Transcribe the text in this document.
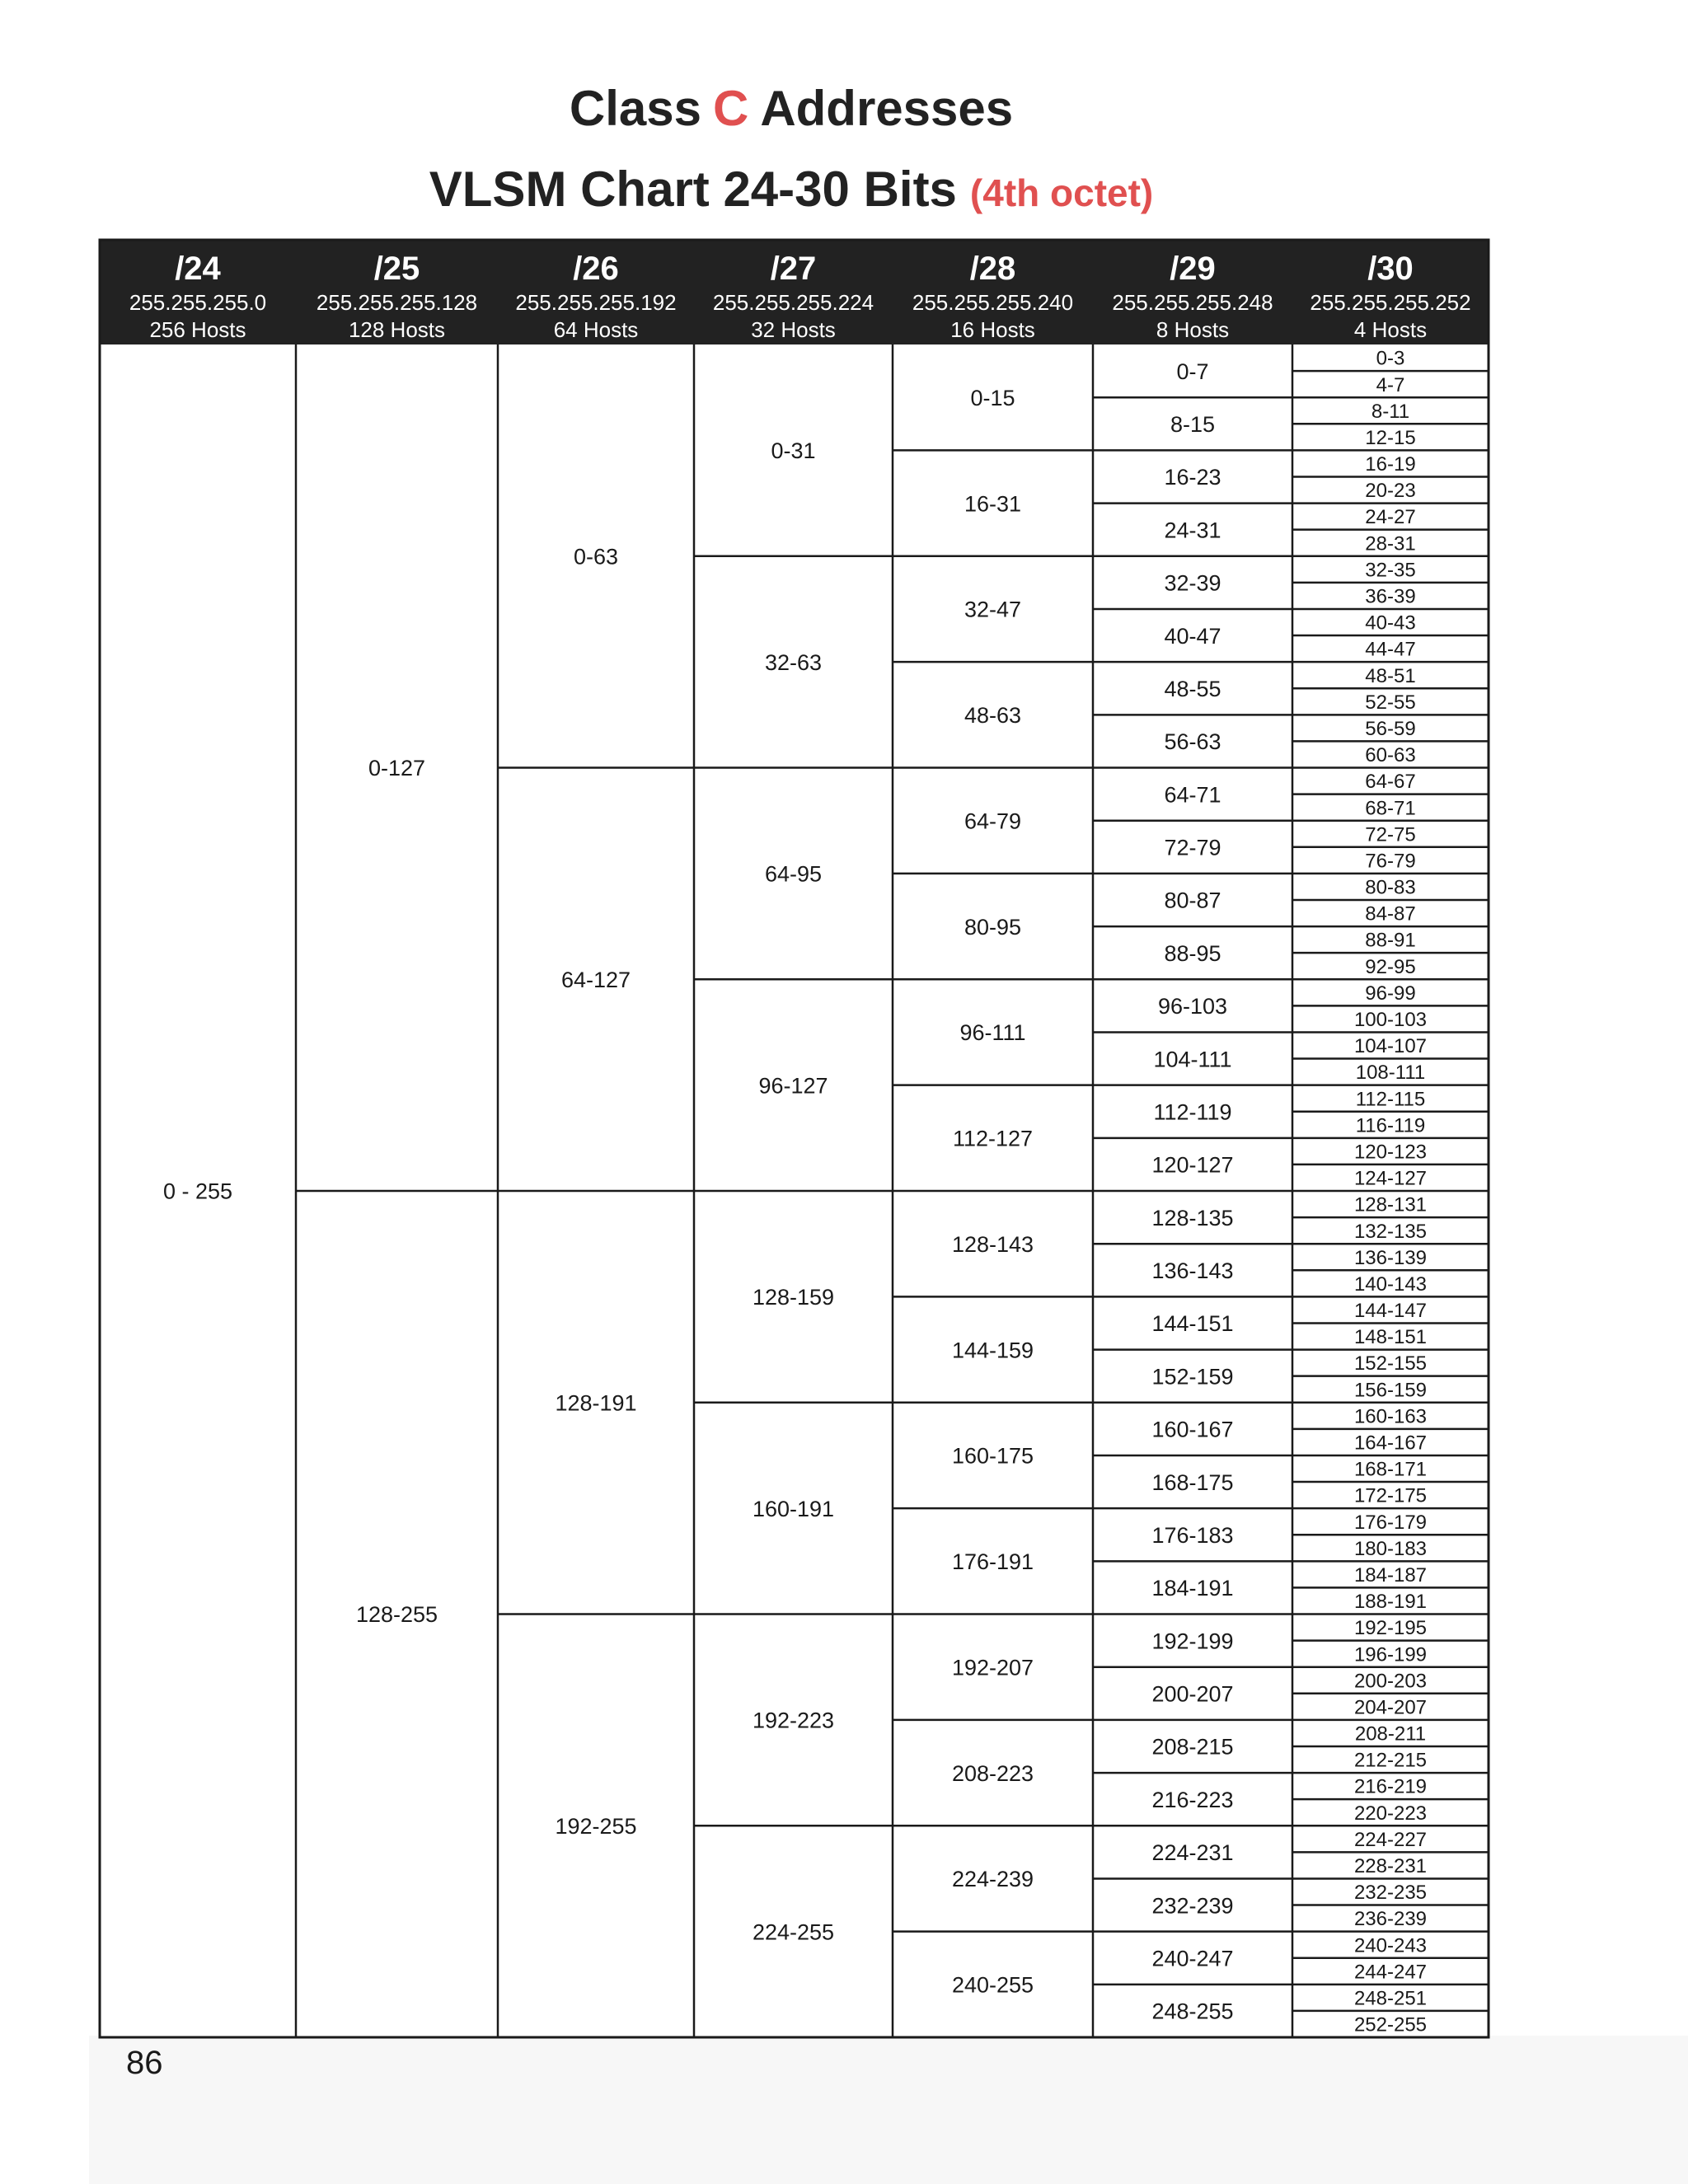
Class C Addresses
VLSM Chart 24-30 Bits (4th octet)
/24
255.255.255.0
256 Hosts
/25
255.255.255.128
128 Hosts
/26
255.255.255.192
64 Hosts
/27
255.255.255.224
32 Hosts
/28
255.255.255.240
16 Hosts
/29
255.255.255.248
8 Hosts
/30
255.255.255.252
4 Hosts
0 - 255
0-127
128-255
0-63
64-127
128-191
192-255
0-31
32-63
64-95
96-127
128-159
160-191
192-223
224-255
0-15
16-31
32-47
48-63
64-79
80-95
96-111
112-127
128-143
144-159
160-175
176-191
192-207
208-223
224-239
240-255
0-7
8-15
16-23
24-31
32-39
40-47
48-55
56-63
64-71
72-79
80-87
88-95
96-103
104-111
112-119
120-127
128-135
136-143
144-151
152-159
160-167
168-175
176-183
184-191
192-199
200-207
208-215
216-223
224-231
232-239
240-247
248-255
0-3
4-7
8-11
12-15
16-19
20-23
24-27
28-31
32-35
36-39
40-43
44-47
48-51
52-55
56-59
60-63
64-67
68-71
72-75
76-79
80-83
84-87
88-91
92-95
96-99
100-103
104-107
108-111
112-115
116-119
120-123
124-127
128-131
132-135
136-139
140-143
144-147
148-151
152-155
156-159
160-163
164-167
168-171
172-175
176-179
180-183
184-187
188-191
192-195
196-199
200-203
204-207
208-211
212-215
216-219
220-223
224-227
228-231
232-235
236-239
240-243
244-247
248-251
252-255
86
